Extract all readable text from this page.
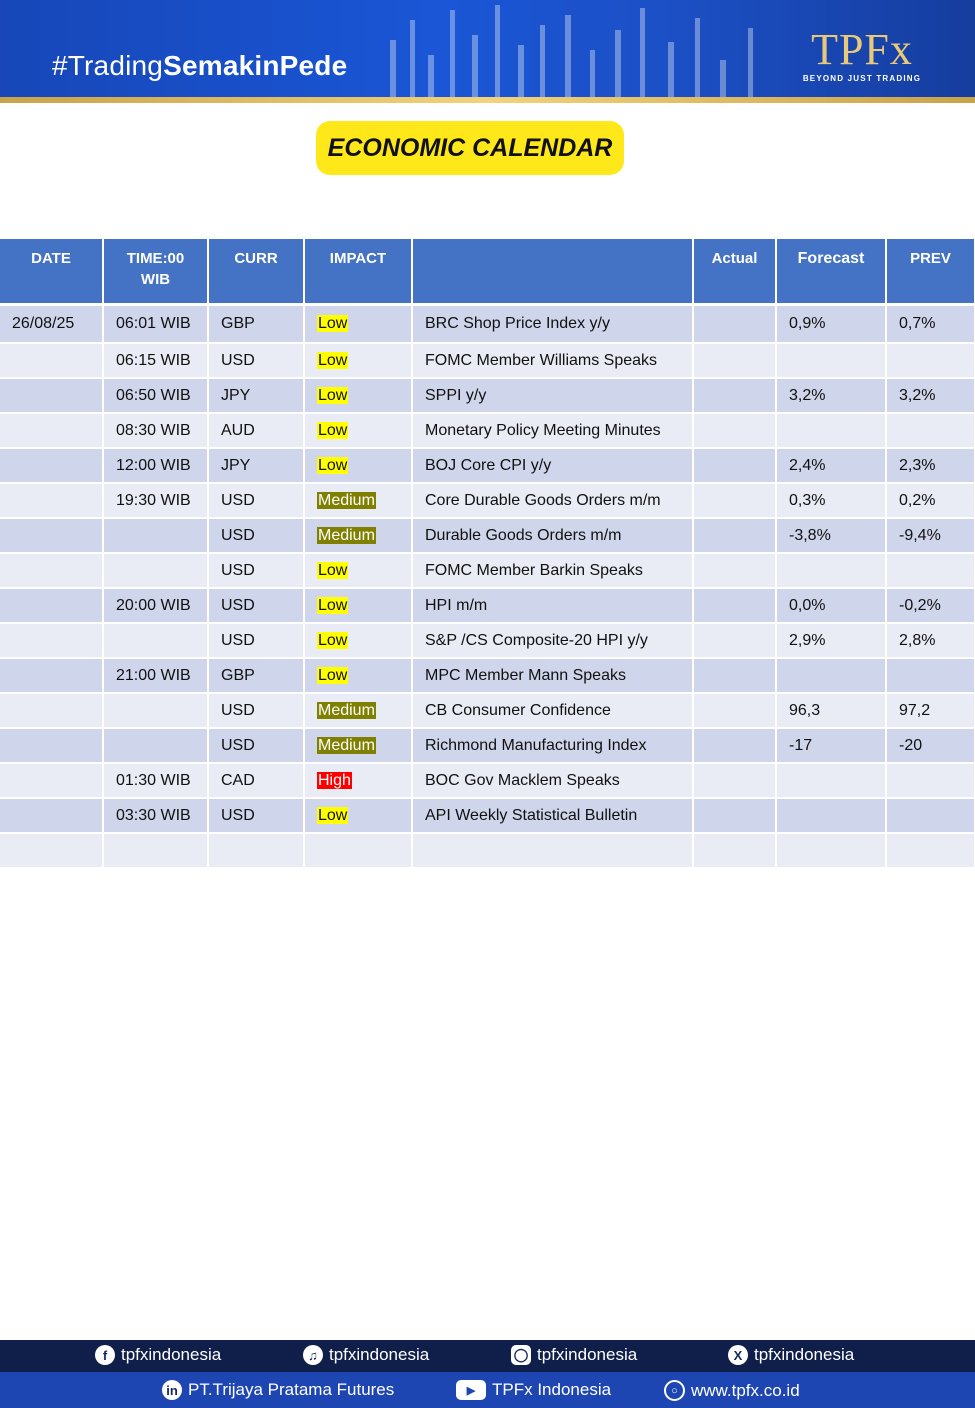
#TradingSemakinPede	TPFx
BEYOND JUST TRADING
ECONOMIC CALENDAR
DATE	TIME:00 WIB	CURR	IMPACT		Actual	Forecast	PREV
26/08/25	06:01 WIB	GBP	Low	BRC Shop Price Index y/y		0,9%	0,7%
	06:15 WIB	USD	Low	FOMC Member Williams Speaks			
	06:50 WIB	JPY	Low	SPPI y/y		3,2%	3,2%
	08:30 WIB	AUD	Low	Monetary Policy Meeting Minutes			
	12:00 WIB	JPY	Low	BOJ Core CPI y/y		2,4%	2,3%
	19:30 WIB	USD	Medium	Core Durable Goods Orders m/m		0,3%	0,2%
		USD	Medium	Durable Goods Orders m/m		-3,8%	-9,4%
		USD	Low	FOMC Member Barkin Speaks			
	20:00 WIB	USD	Low	HPI m/m		0,0%	-0,2%
		USD	Low	S&P /CS Composite-20 HPI y/y		2,9%	2,8%
	21:00 WIB	GBP	Low	MPC Member Mann Speaks			
		USD	Medium	CB Consumer Confidence		96,3	97,2
		USD	Medium	Richmond Manufacturing Index		-17	-20
	01:30 WIB	CAD	High	BOC Gov Macklem Speaks			
	03:30 WIB	USD	Low	API Weekly Statistical Bulletin			

f tpfxindonesia	♫ tpfxindonesia	◯ tpfxindonesia	X tpfxindonesia
in PT.Trijaya Pratama Futures	▶ TPFx Indonesia	○ www.tpfx.co.id
